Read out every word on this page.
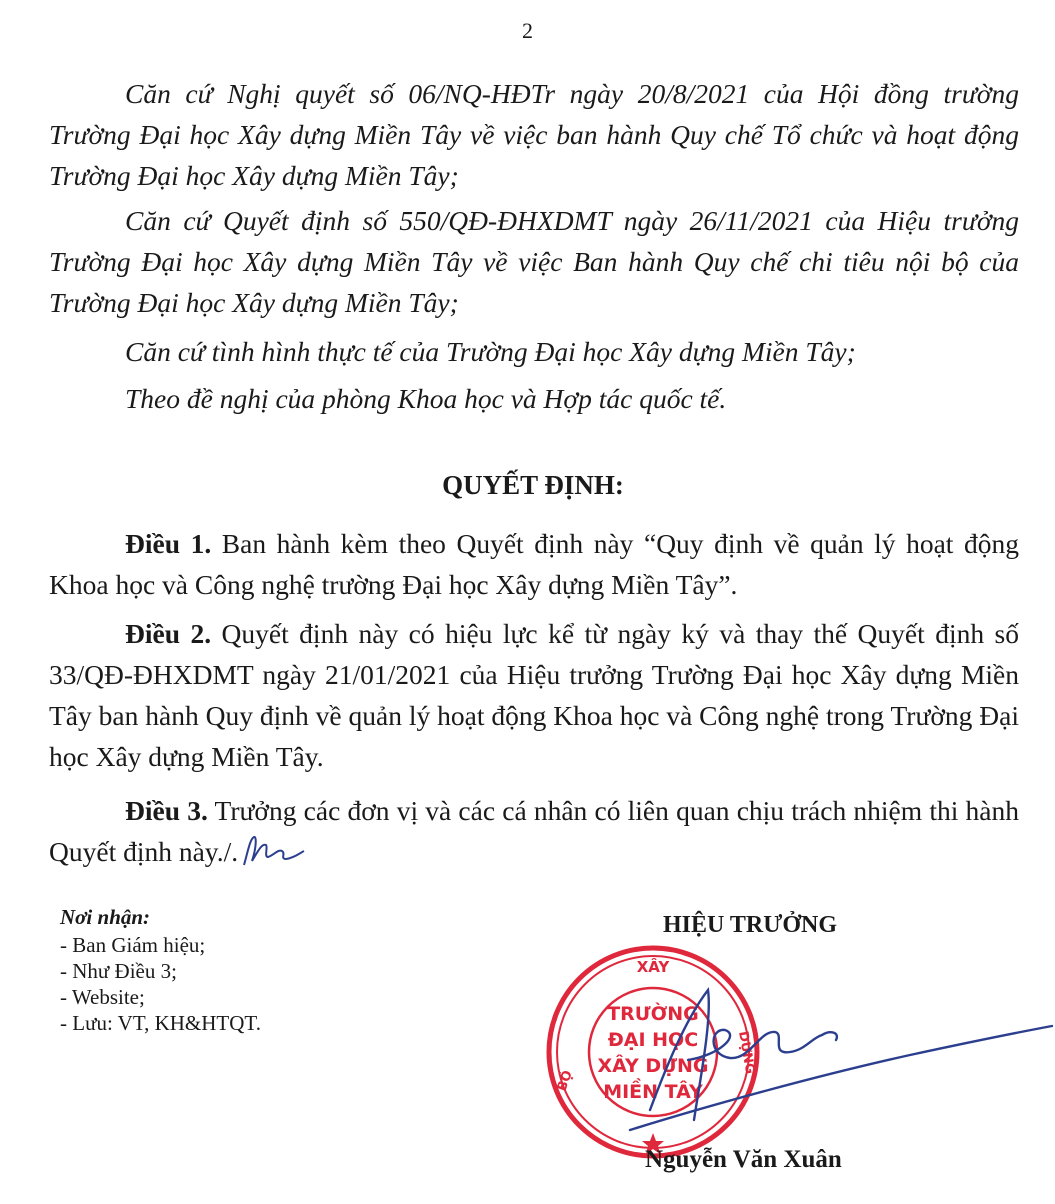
2

Căn cứ Nghị quyết số 06/NQ-HĐTr ngày 20/8/2021 của Hội đồng trường Trường Đại học Xây dựng Miền Tây về việc ban hành Quy chế Tổ chức và hoạt động Trường Đại học Xây dựng Miền Tây;

Căn cứ Quyết định số 550/QĐ-ĐHXDMT ngày 26/11/2021 của Hiệu trưởng Trường Đại học Xây dựng Miền Tây về việc Ban hành Quy chế chi tiêu nội bộ của Trường Đại học Xây dựng Miền Tây;

Căn cứ tình hình thực tế của Trường Đại học Xây dựng Miền Tây;

Theo đề nghị của phòng Khoa học và Hợp tác quốc tế.

QUYẾT ĐỊNH:

Điều 1. Ban hành kèm theo Quyết định này “Quy định về quản lý hoạt động Khoa học và Công nghệ trường Đại học Xây dựng Miền Tây”.

Điều 2. Quyết định này có hiệu lực kể từ ngày ký và thay thế Quyết định số 33/QĐ-ĐHXDMT ngày 21/01/2021 của Hiệu trưởng Trường Đại học Xây dựng Miền Tây ban hành Quy định về quản lý hoạt động Khoa học và Công nghệ trong Trường Đại học Xây dựng Miền Tây.

Điều 3. Trưởng các đơn vị và các cá nhân có liên quan chịu trách nhiệm thi hành Quyết định này./.

Nơi nhận:
- Ban Giám hiệu;
- Như Điều 3;
- Website;
- Lưu: VT, KH&HTQT.
HIỆU TRƯỞNG
XÂY
BỘ
DỰNG
TRƯỜNG
ĐẠI HỌC
XÂY DỰNG
MIỀN TÂY
Nguyễn Văn Xuân
